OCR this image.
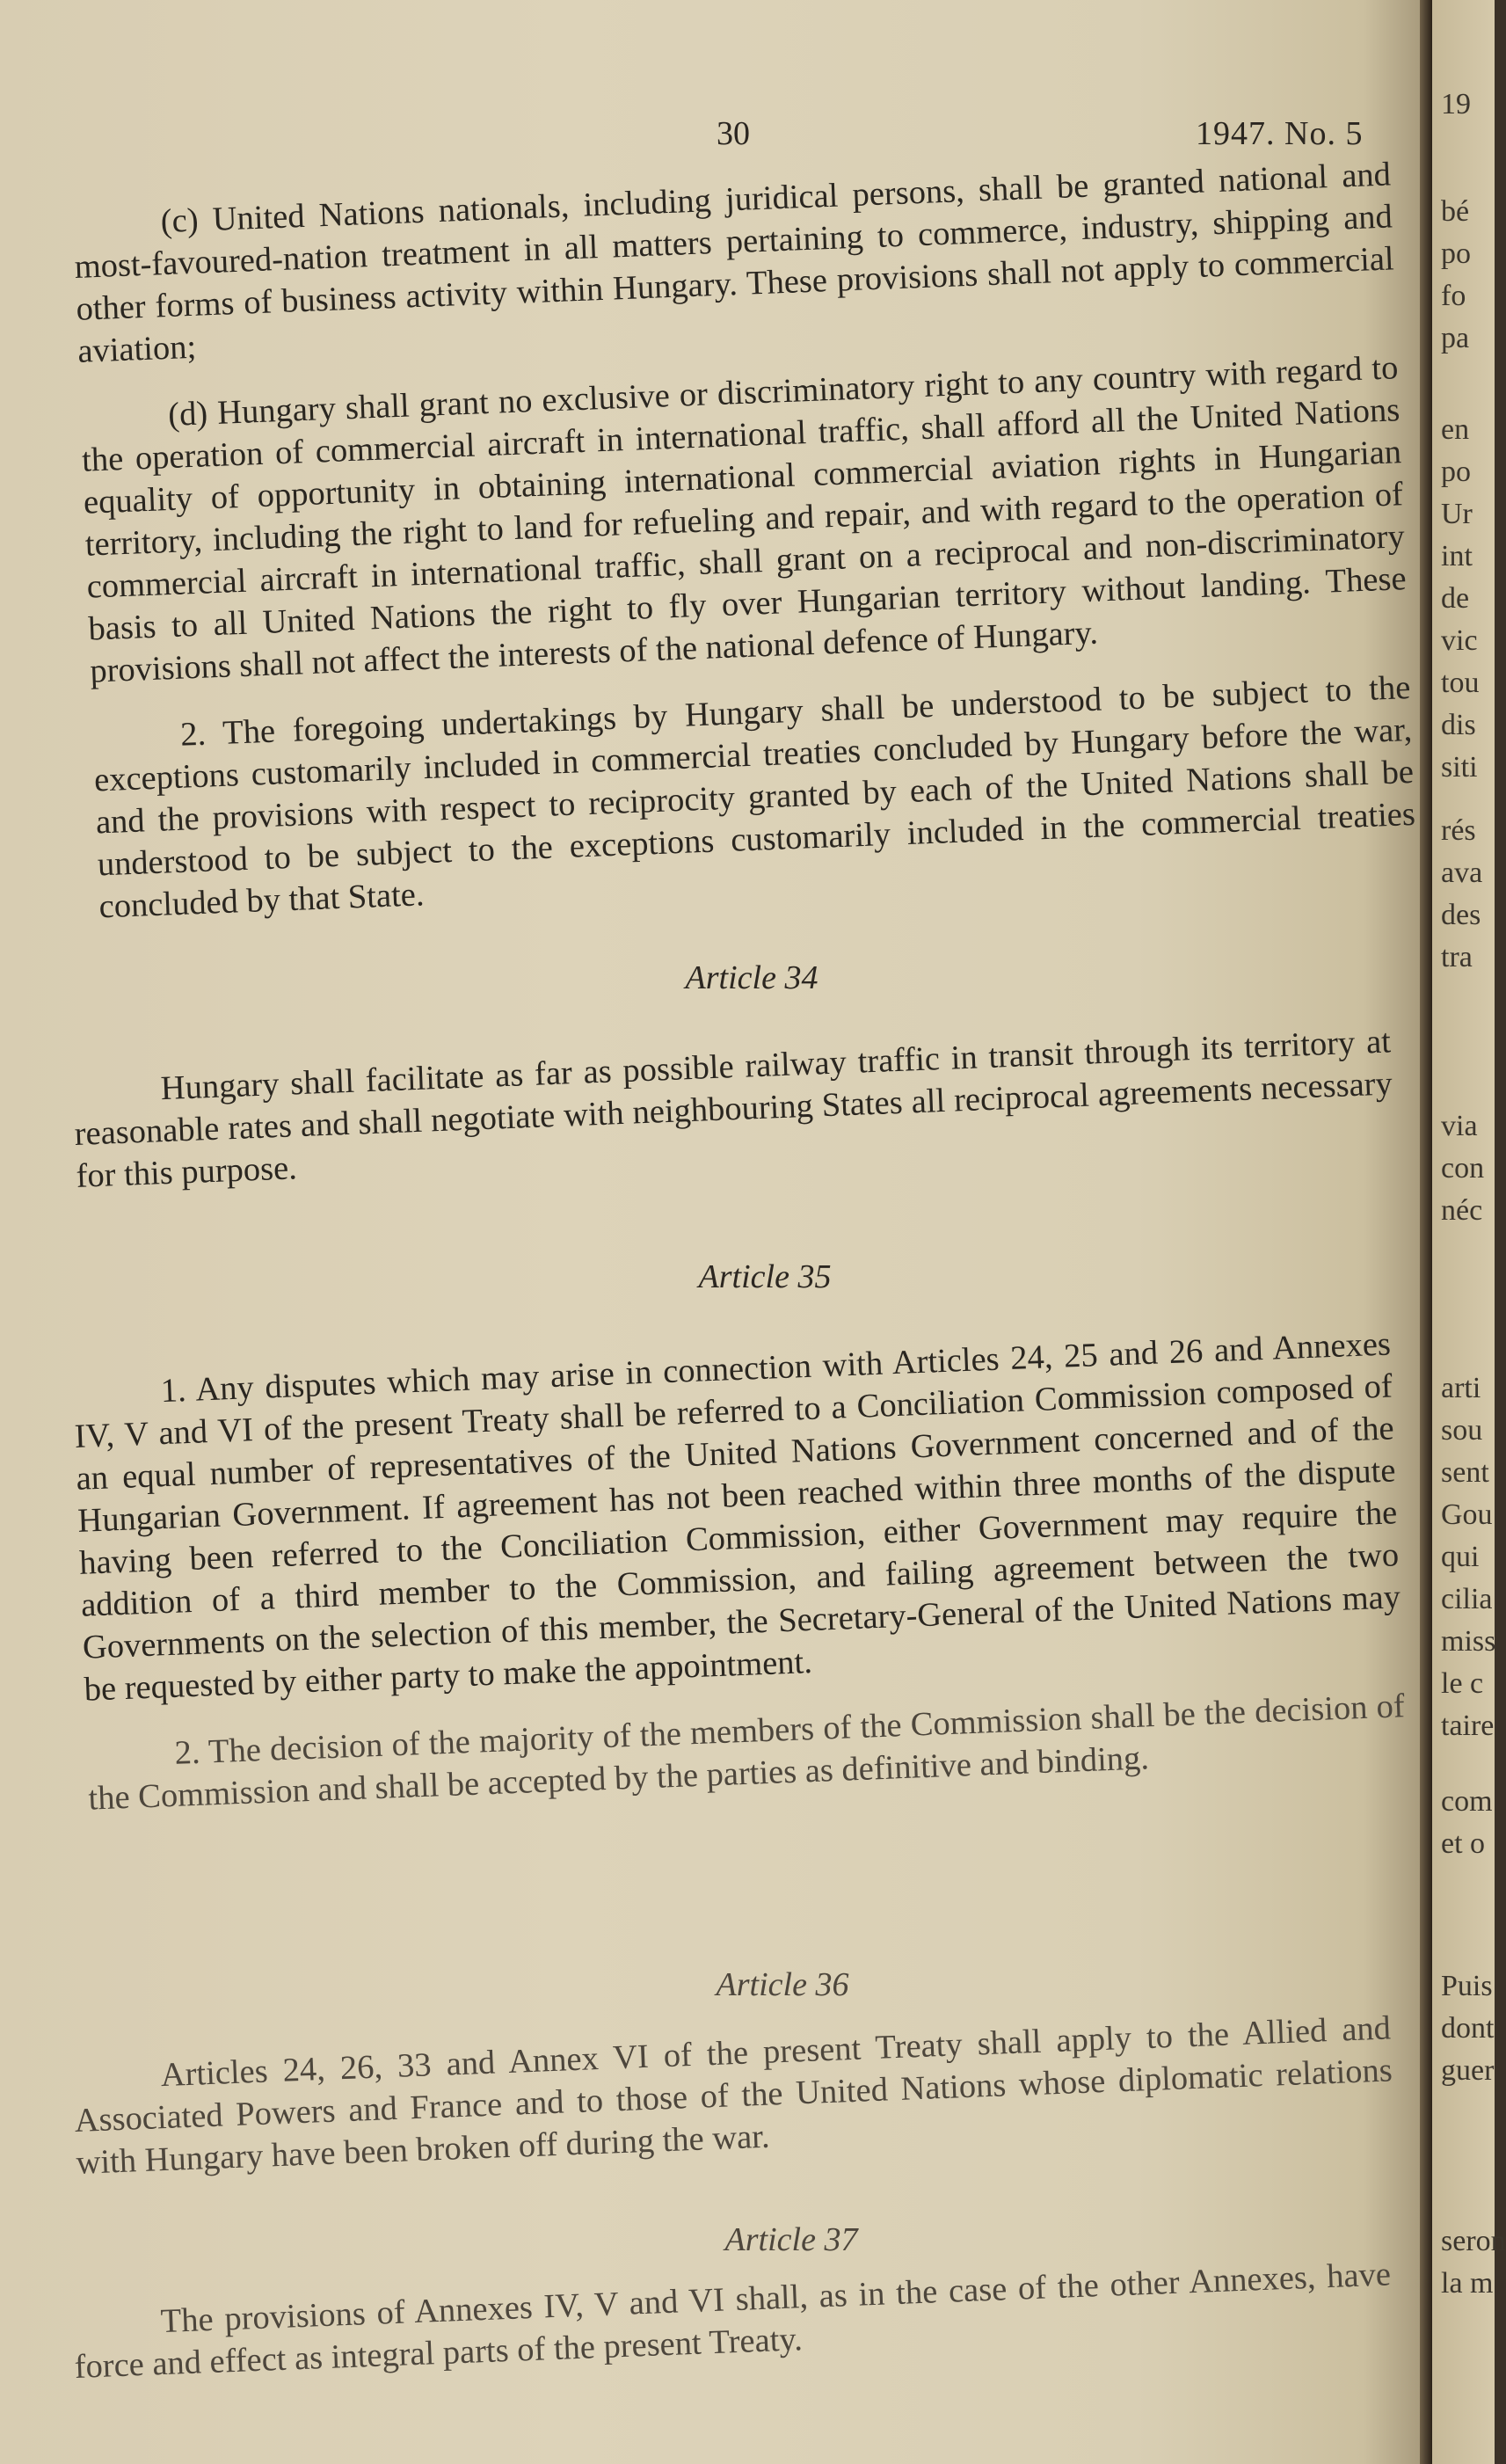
30	1947. No. 5

(c) United Nations nationals, including juridical persons, shall be granted national and most-favoured-nation treatment in all matters pertaining to commerce, industry, shipping and other forms of business activity within Hungary. These provisions shall not apply to commercial aviation;

(d) Hungary shall grant no exclusive or discriminatory right to any country with regard to the operation of commercial aircraft in international traffic, shall afford all the United Nations equality of opportunity in obtaining international commercial aviation rights in Hungarian territory, including the right to land for refueling and repair, and with regard to the operation of commercial aircraft in international traffic, shall grant on a reciprocal and non-discriminatory basis to all United Nations the right to fly over Hungarian territory without landing. These provisions shall not affect the interests of the national defence of Hungary.

2. The foregoing undertakings by Hungary shall be understood to be subject to the exceptions customarily included in commercial treaties concluded by Hungary before the war, and the provisions with respect to reciprocity granted by each of the United Nations shall be understood to be subject to the exceptions customarily included in the commercial treaties concluded by that State.

Article 34

Hungary shall facilitate as far as possible railway traffic in transit through its territory at reasonable rates and shall negotiate with neighbouring States all reciprocal agreements necessary for this purpose.

Article 35

1. Any disputes which may arise in connection with Articles 24, 25 and 26 and Annexes IV, V and VI of the present Treaty shall be referred to a Conciliation Commission composed of an equal number of representatives of the United Nations Government concerned and of the Hungarian Government. If agreement has not been reached within three months of the dispute having been referred to the Conciliation Commission, either Government may require the addition of a third member to the Commission, and failing agreement between the two Governments on the selection of this member, the Secretary-General of the United Nations may be requested by either party to make the appointment.

2. The decision of the majority of the members of the Commission shall be the decision of the Commission and shall be accepted by the parties as definitive and binding.

Article 36

Articles 24, 26, 33 and Annex VI of the present Treaty shall apply to the Allied and Associated Powers and France and to those of the United Nations whose diplomatic relations with Hungary have been broken off during the war.

Article 37

The provisions of Annexes IV, V and VI shall, as in the case of the other Annexes, have force and effect as integral parts of the present Treaty.

19
bé
po
fo
pa
en
po
Ur
int
de
vic
tou
dis
siti
rés
ava
des
tra
via
con
néc
arti
sou
sent
Gou
qui
cilia
miss
le c
taire
com
et o
Puis
dont
guer
seron
la m
